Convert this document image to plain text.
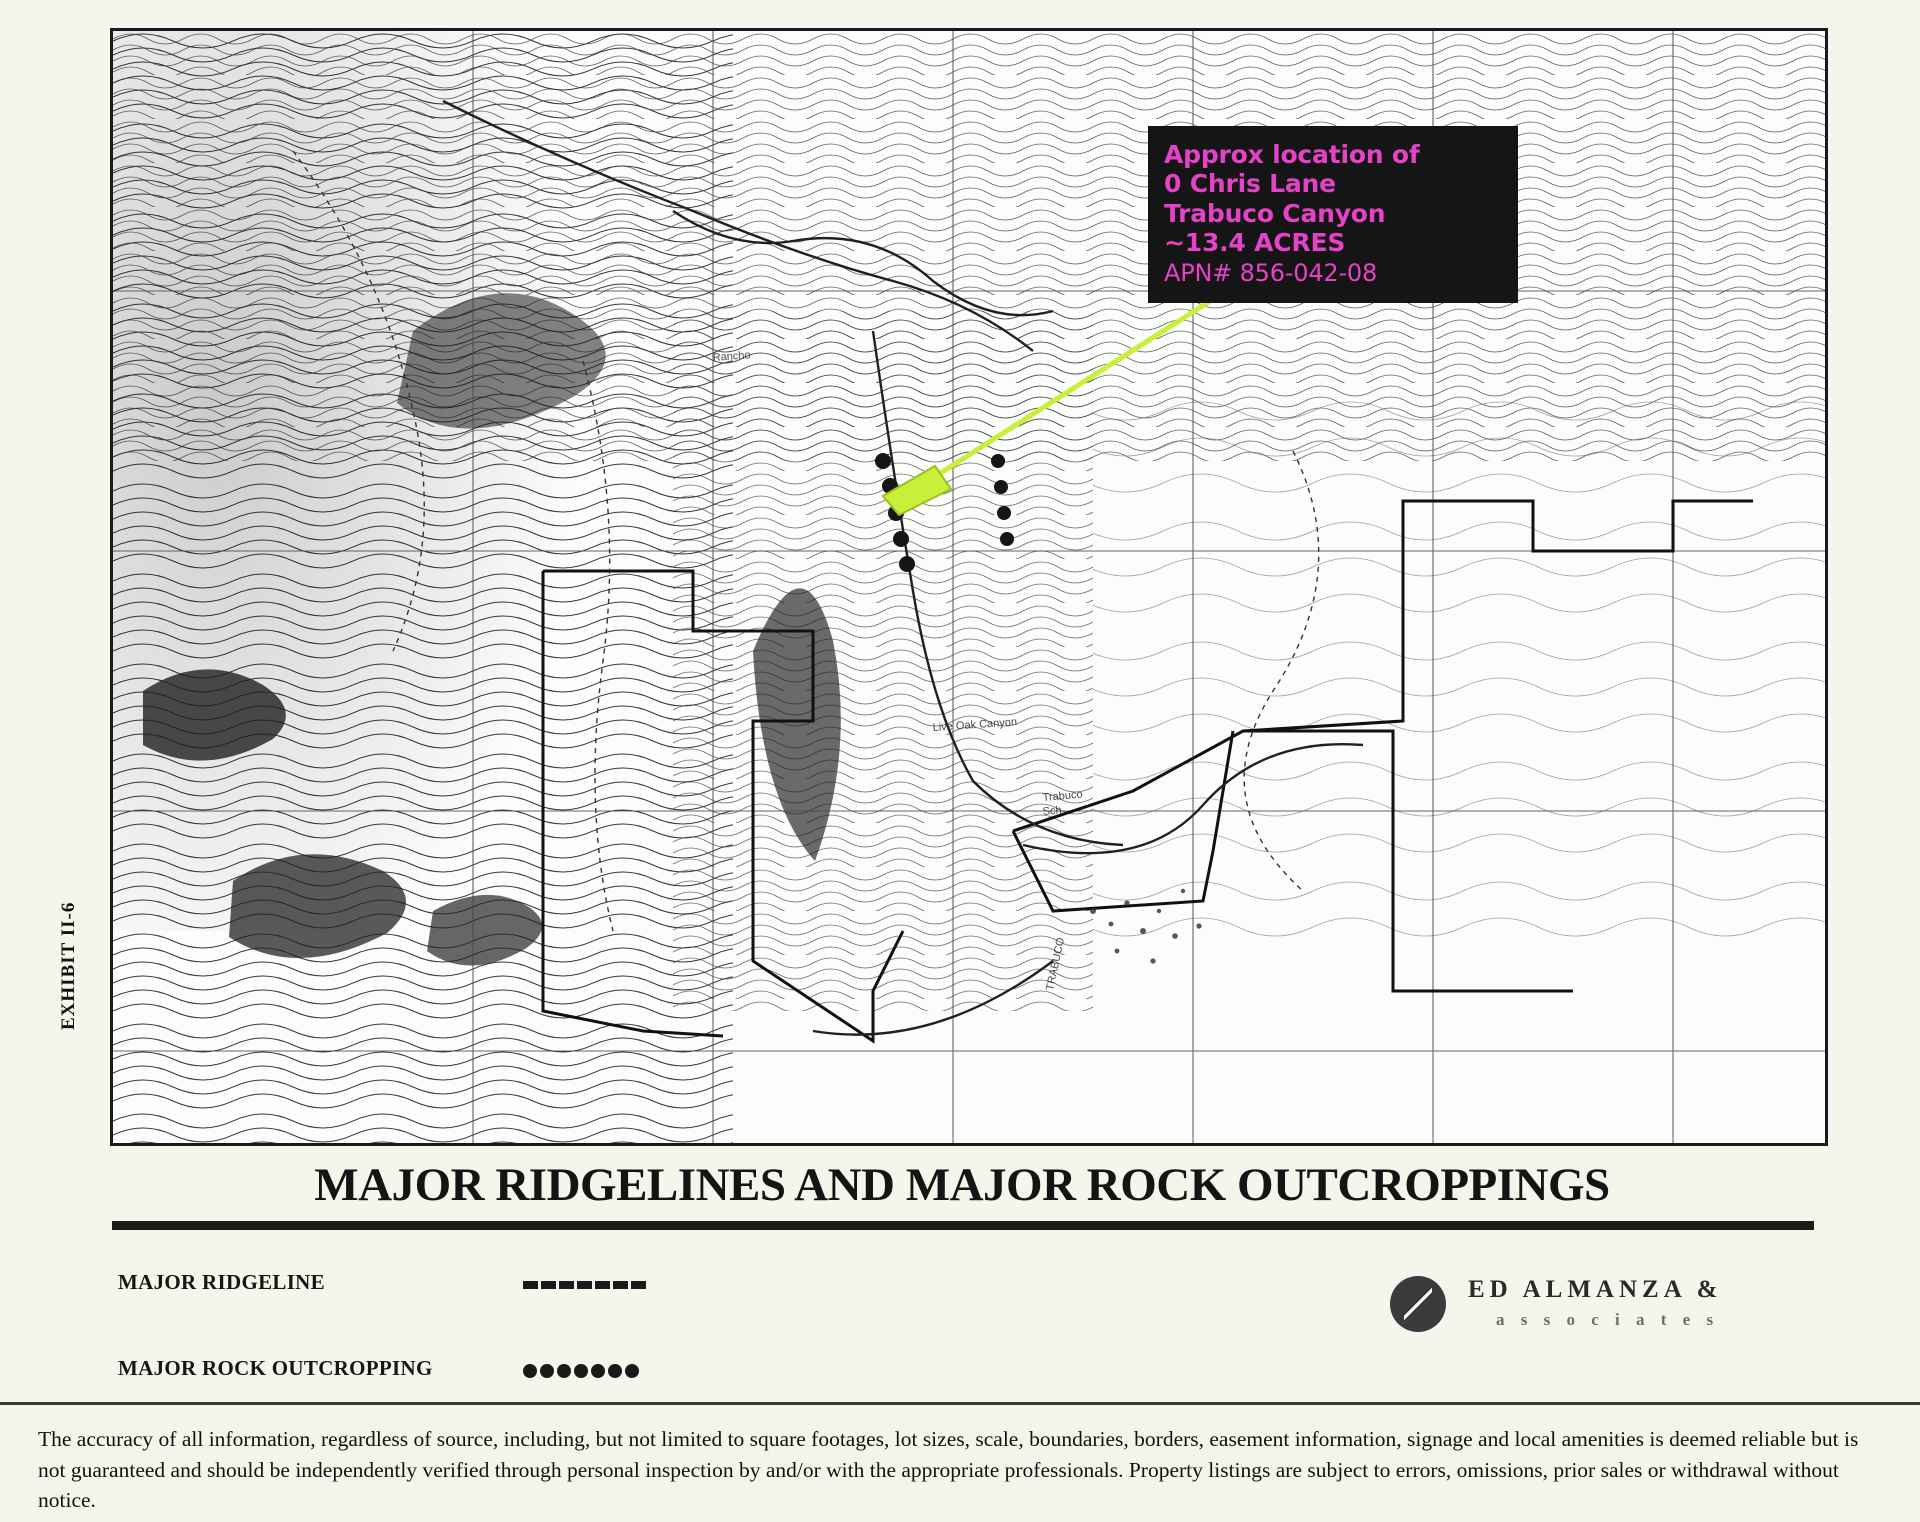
EXHIBIT II-6
Rancho
Trabuco
Sch
TRABUCO
Live Oak Canyon
Approx location of
0 Chris Lane
Trabuco Canyon
~13.4 ACRES
APN# 856-042-08
MAJOR RIDGELINES AND MAJOR ROCK OUTCROPPINGS
MAJOR RIDGELINE
MAJOR ROCK OUTCROPPING
ED ALMANZA &
a s s o c i a t e s
The accuracy of all information, regardless of source, including, but not limited to square footages, lot sizes, scale, boundaries, borders, easement information, signage and local amenities is deemed reliable but is not guaranteed and should be independently verified through personal inspection by and/or with the appropriate professionals. Property listings are subject to errors, omissions, prior sales or withdrawal without notice.
